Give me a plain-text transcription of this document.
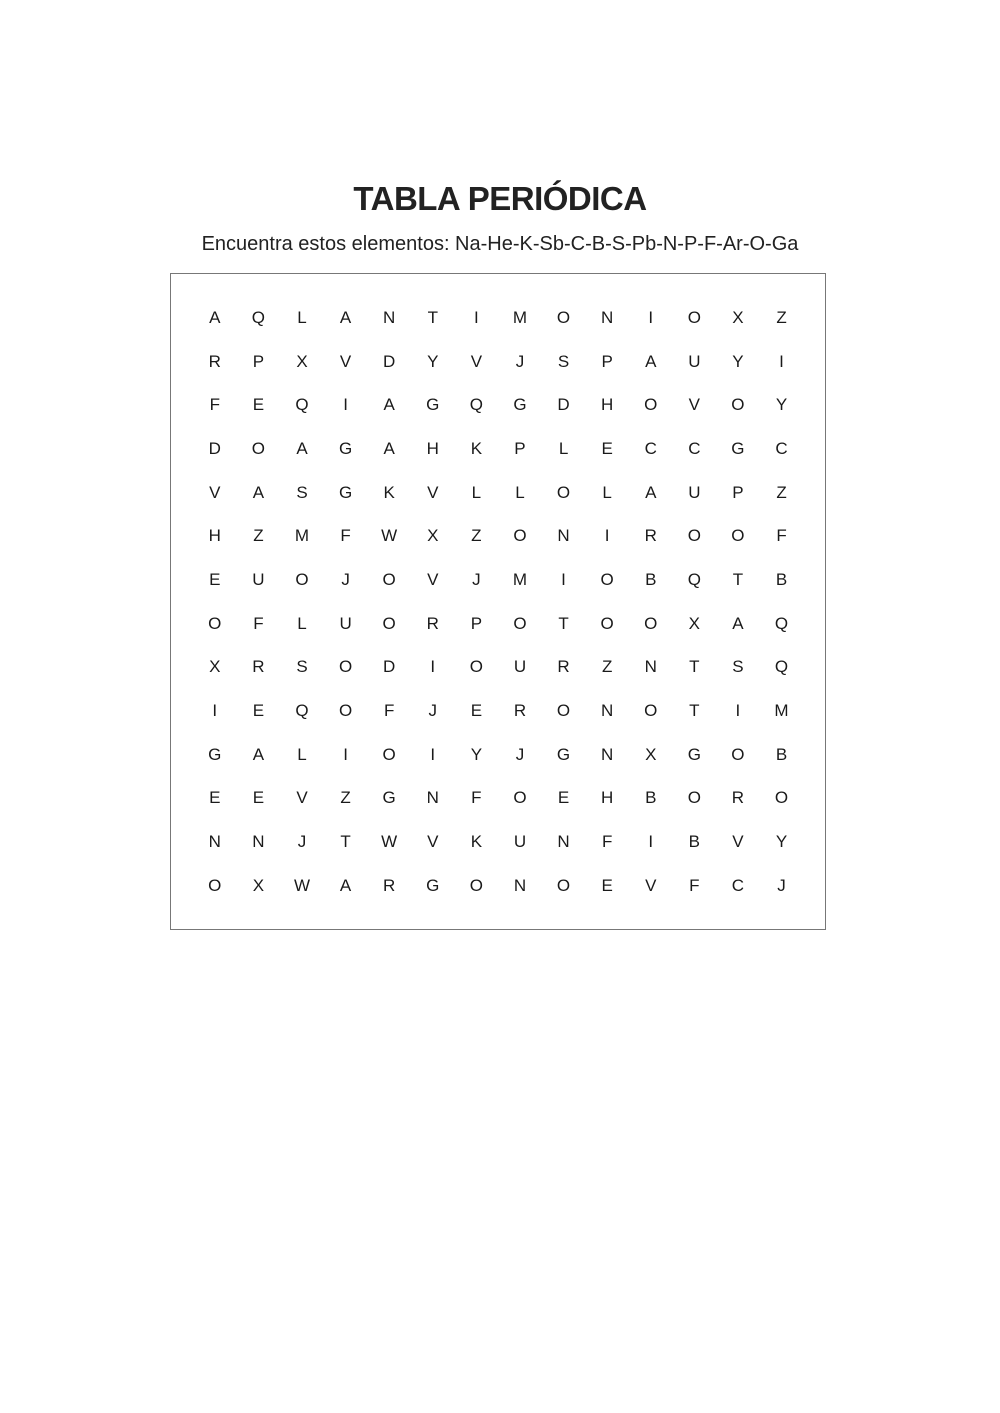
TABLA PERIÓDICA

Encuentra estos elementos: Na-He-K-Sb-C-B-S-Pb-N-P-F-Ar-O-Ga

A	Q	L	A	N	T	I	M	O	N	I	O	X	Z
R	P	X	V	D	Y	V	J	S	P	A	U	Y	I
F	E	Q	I	A	G	Q	G	D	H	O	V	O	Y
D	O	A	G	A	H	K	P	L	E	C	C	G	C
V	A	S	G	K	V	L	L	O	L	A	U	P	Z
H	Z	M	F	W	X	Z	O	N	I	R	O	O	F
E	U	O	J	O	V	J	M	I	O	B	Q	T	B
O	F	L	U	O	R	P	O	T	O	O	X	A	Q
X	R	S	O	D	I	O	U	R	Z	N	T	S	Q
I	E	Q	O	F	J	E	R	O	N	O	T	I	M
G	A	L	I	O	I	Y	J	G	N	X	G	O	B
E	E	V	Z	G	N	F	O	E	H	B	O	R	O
N	N	J	T	W	V	K	U	N	F	I	B	V	Y
O	X	W	A	R	G	O	N	O	E	V	F	C	J
